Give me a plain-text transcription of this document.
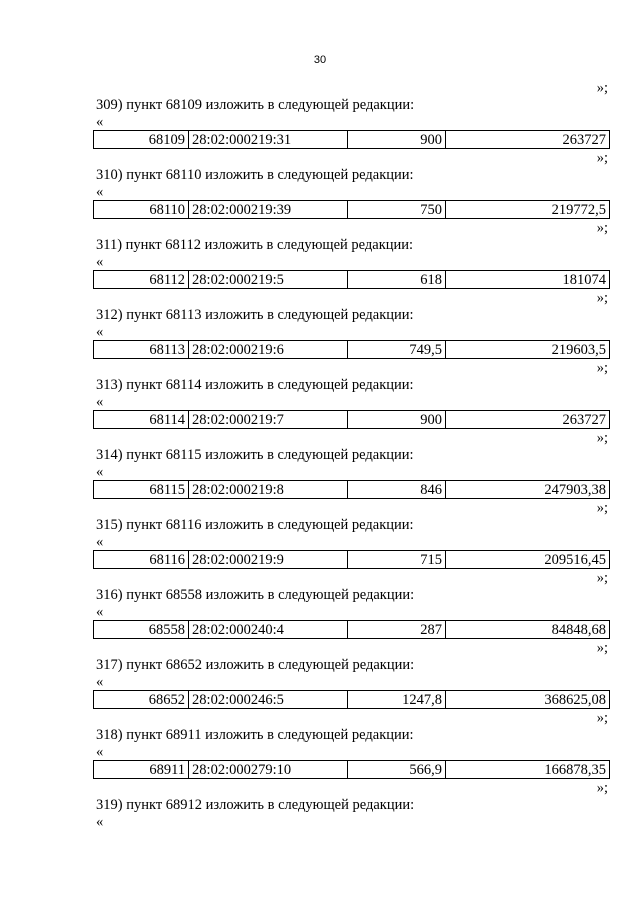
30
»;
309) пункт 68109 изложить в следующей редакции:
«
68109	28:02:000219:31	900	263727
»;
310) пункт 68110 изложить в следующей редакции:
«
68110	28:02:000219:39	750	219772,5
»;
311) пункт 68112 изложить в следующей редакции:
«
68112	28:02:000219:5	618	181074
»;
312) пункт 68113 изложить в следующей редакции:
«
68113	28:02:000219:6	749,5	219603,5
»;
313) пункт 68114 изложить в следующей редакции:
«
68114	28:02:000219:7	900	263727
»;
314) пункт 68115 изложить в следующей редакции:
«
68115	28:02:000219:8	846	247903,38
»;
315) пункт 68116 изложить в следующей редакции:
«
68116	28:02:000219:9	715	209516,45
»;
316) пункт 68558 изложить в следующей редакции:
«
68558	28:02:000240:4	287	84848,68
»;
317) пункт 68652 изложить в следующей редакции:
«
68652	28:02:000246:5	1247,8	368625,08
»;
318) пункт 68911 изложить в следующей редакции:
«
68911	28:02:000279:10	566,9	166878,35
»;
319) пункт 68912 изложить в следующей редакции:
«
